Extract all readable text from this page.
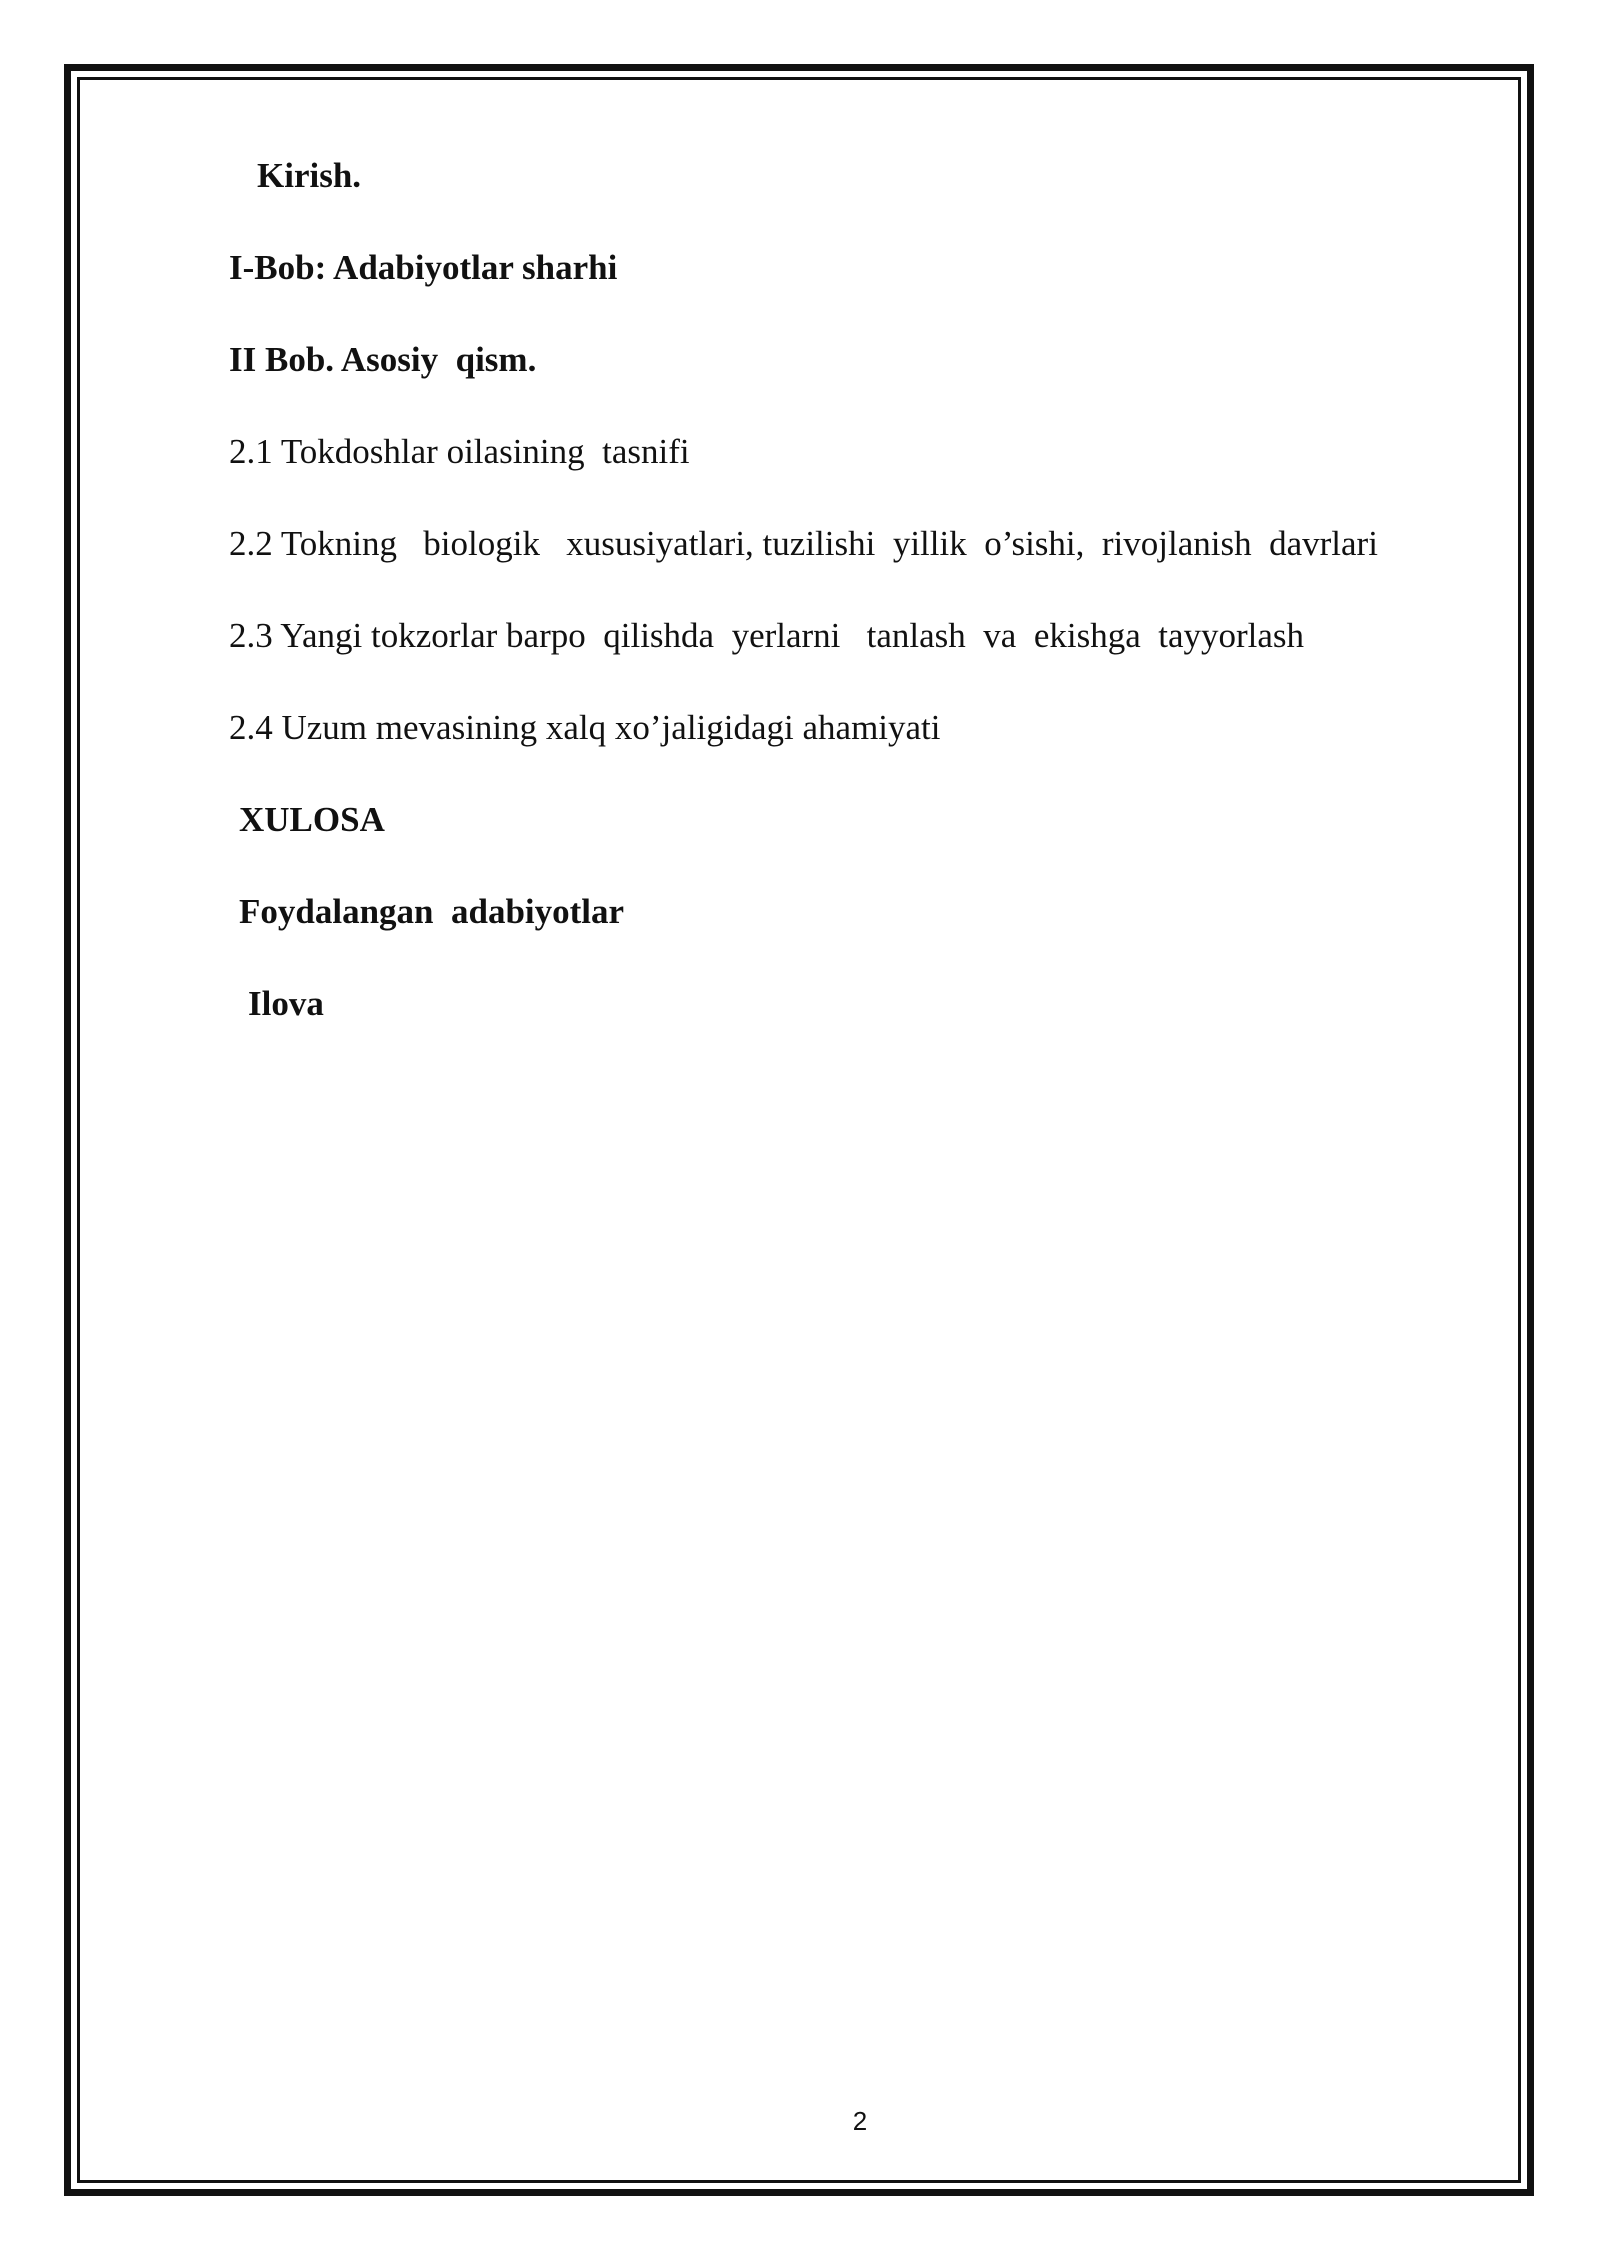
Kirish.
I-Bob: Adabiyotlar sharhi
II Bob. Asosiy  qism.
2.1 Tokdoshlar oilasining  tasnifi
2.2 Tokning   biologik   xususiyatlari, tuzilishi  yillik  o’sishi,  rivojlanish  davrlari
2.3 Yangi tokzorlar barpo  qilishda  yerlarni   tanlash  va  ekishga  tayyorlash
2.4 Uzum mevasining xalq xo’jaligidagi ahamiyati
XULOSA
Foydalangan  adabiyotlar
Ilova
2
